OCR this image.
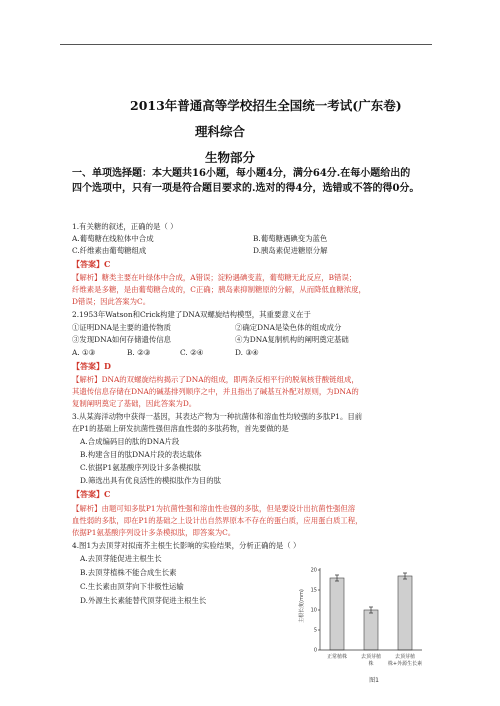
2013年普通高等学校招生全国统一考试(广东卷)
理科综合
生物部分
一、单项选择题：本大题共16小题，每小题4分，满分64分.在每小题给出的
四个选项中，只有一项是符合题目要求的.选对的得4分，选错或不答的得0分。
1.有关糖的叙述，正确的是（ ）
A.葡萄糖在线粒体中合成	B.葡萄糖遇碘变为蓝色
C.纤维素由葡萄糖组成	D.胰岛素促进糖原分解
【答案】C
【解析】糖类主要在叶绿体中合成，A错误；淀粉遇碘变蓝，葡萄糖无此反应，B错误；
纤维素是多糖，是由葡萄糖合成的，C正确；胰岛素抑制糖原的分解，从而降低血糖浓度，
D错误；因此答案为C。
2.1953年Watson和Crick构建了DNA双螺旋结构模型，其重要意义在于
①证明DNA是主要的遗传物质	②确定DNA是染色体的组成成分
③发现DNA如何存储遗传信息	④为DNA复制机构的阐明奠定基础
A. ①③	B. ②③	C. ②④	D. ③④
【答案】D
【解析】DNA的双螺旋结构揭示了DNA的组成，即两条反相平行的脱氧核苷酸链组成，
其遗传信息存储在DNA的碱基排列顺序之中，并且指出了碱基互补配对原则，为DNA的
复制阐明奠定了基础，因此答案为D。
3.从某海洋动物中获得一基因，其表达产物为一种抗菌体和溶血性均较强的多肽P1。目前
在P1的基础上研发抗菌性强但溶血性弱的多肽药物，首先要做的是
A.合成编码目的肽的DNA片段
B.构建含目的肽DNA片段的表达载体
C.依据P1氨基酸序列设计多条模拟肽
D.筛选出具有优良活性的模拟肽作为目的肽
【答案】C
【解析】由题可知多肽P1为抗菌性强和溶血性也强的多肽，但是要设计出抗菌性强但溶
血性弱的多肽，即在P1的基础之上设计出自然界原本不存在的蛋白质，应用蛋白质工程，
依据P1氨基酸序列设计多条模拟肽，即答案为C。
4.图1为去顶芽对拟南芥主根生长影响的实验结果，分析正确的是（ ）
A.去顶芽能促进主根生长
B.去顶芽植株不能合成生长素
C.生长素由顶芽向下非极性运输
D.外源生长素能替代顶芽促进主根生长	主根长度(mm)
0
5
10
15
20
正常植株	去顶芽植株
去顶芽植株+外源生长素
图1
